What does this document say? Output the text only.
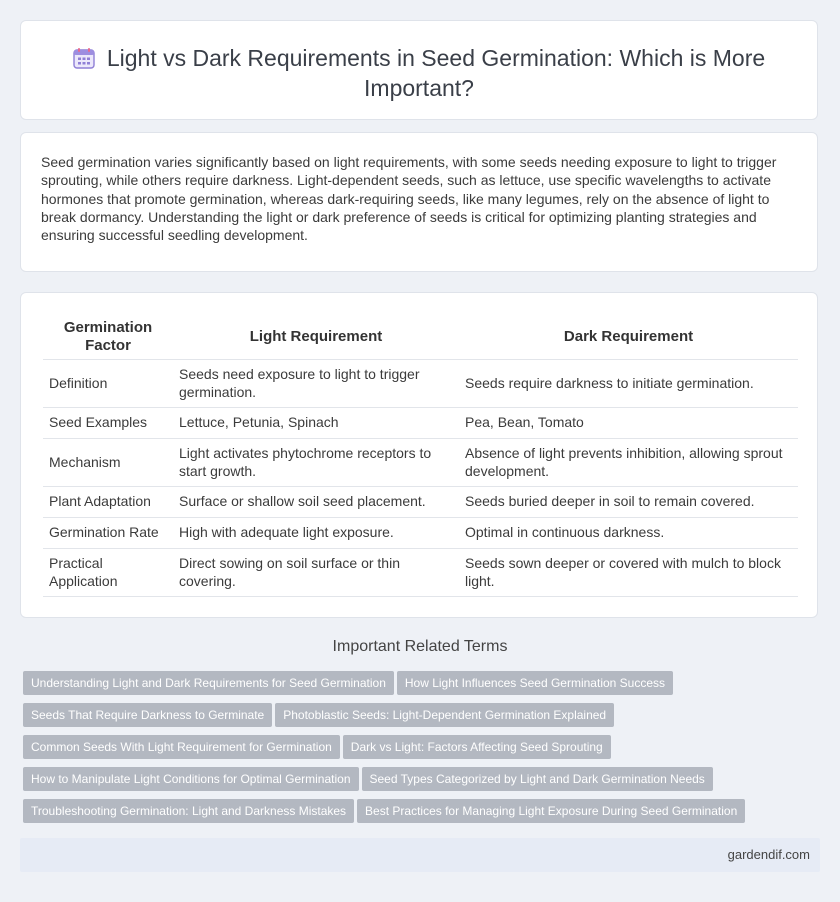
Light vs Dark Requirements in Seed Germination: Which is More Important?
Seed germination varies significantly based on light requirements, with some seeds needing exposure to light to trigger sprouting, while others require darkness. Light-dependent seeds, such as lettuce, use specific wavelengths to activate hormones that promote germination, whereas dark-requiring seeds, like many legumes, rely on the absence of light to break dormancy. Understanding the light or dark preference of seeds is critical for optimizing planting strategies and ensuring successful seedling development.
Germination Factor	Light Requirement	Dark Requirement
Definition	Seeds need exposure to light to trigger germination.	Seeds require darkness to initiate germination.
Seed Examples	Lettuce, Petunia, Spinach	Pea, Bean, Tomato
Mechanism	Light activates phytochrome receptors to start growth.	Absence of light prevents inhibition, allowing sprout development.
Plant Adaptation	Surface or shallow soil seed placement.	Seeds buried deeper in soil to remain covered.
Germination Rate	High with adequate light exposure.	Optimal in continuous darkness.
Practical Application	Direct sowing on soil surface or thin covering.	Seeds sown deeper or covered with mulch to block light.
Important Related Terms
Understanding Light and Dark Requirements for Seed Germination How Light Influences Seed Germination Success
Seeds That Require Darkness to Germinate Photoblastic Seeds: Light-Dependent Germination Explained
Common Seeds With Light Requirement for Germination Dark vs Light: Factors Affecting Seed Sprouting
How to Manipulate Light Conditions for Optimal Germination Seed Types Categorized by Light and Dark Germination Needs
Troubleshooting Germination: Light and Darkness Mistakes Best Practices for Managing Light Exposure During Seed Germination
gardendif.com
